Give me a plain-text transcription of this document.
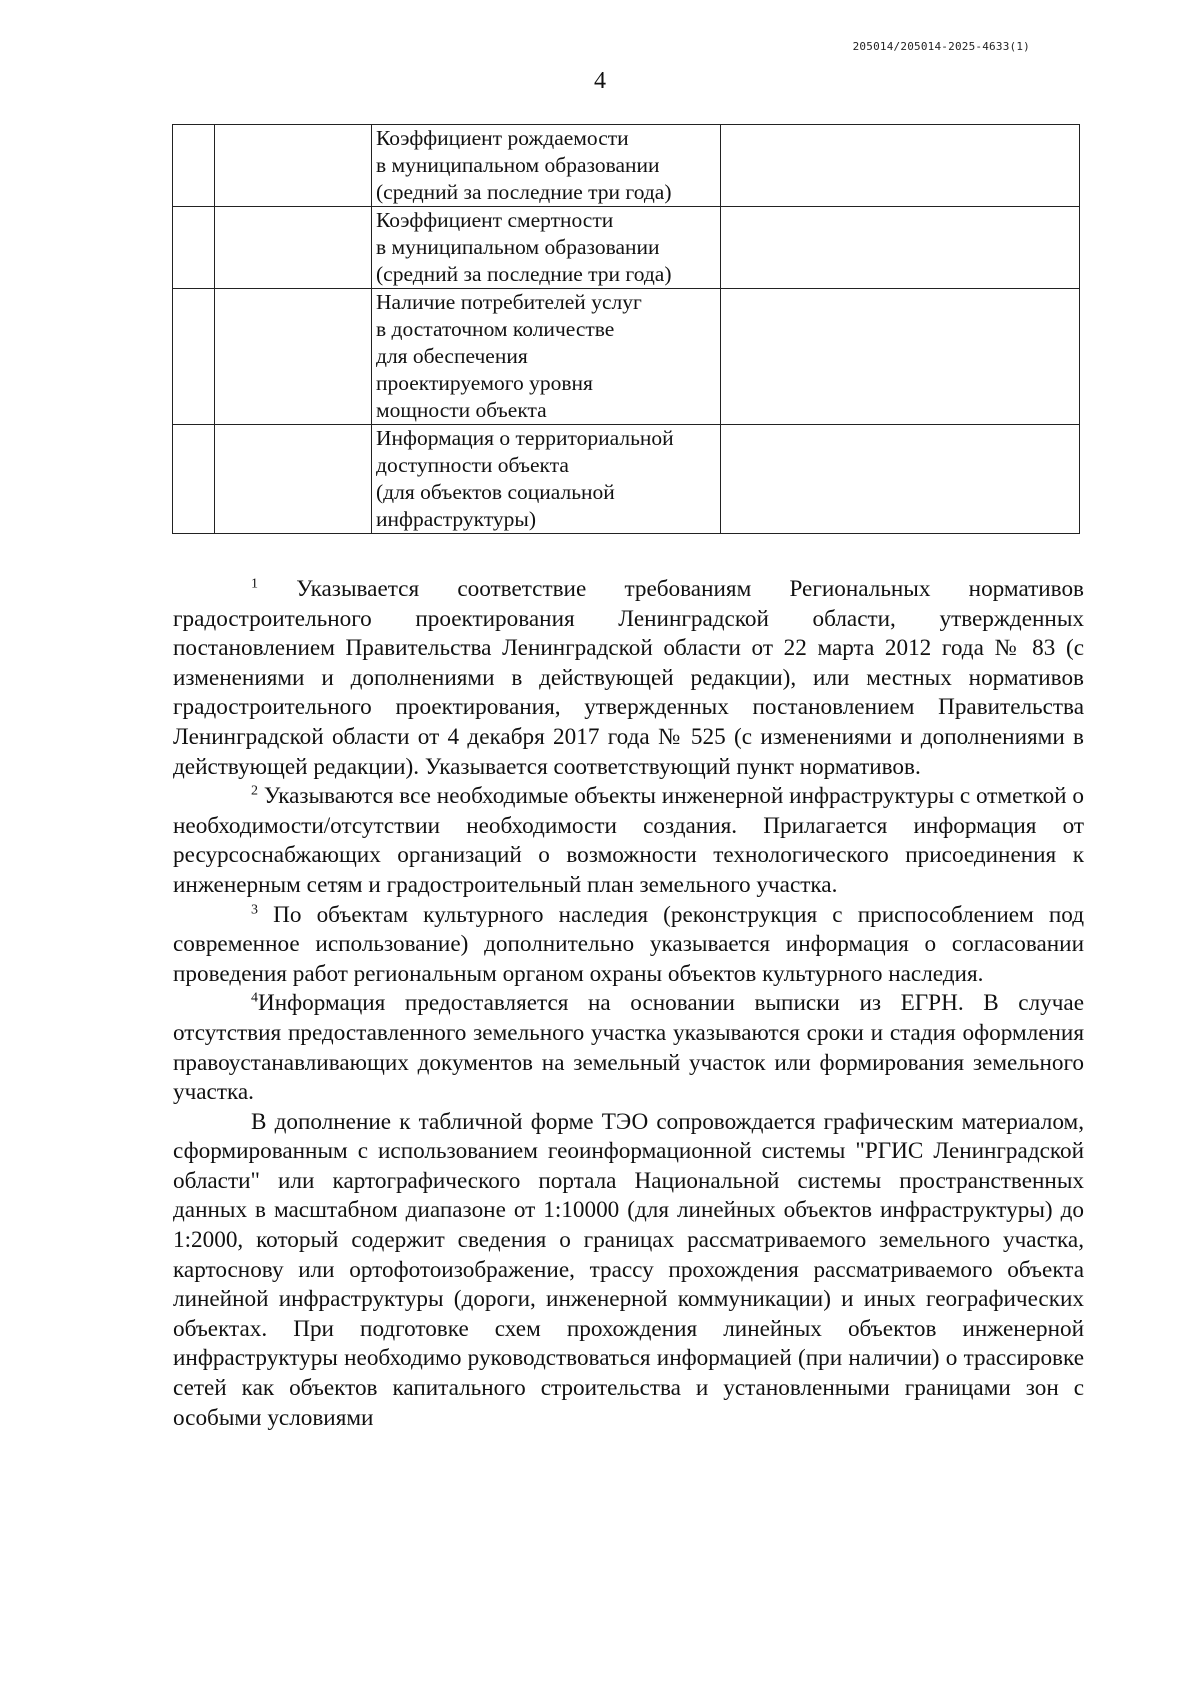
205014/205014-2025-4633(1)
4

		Коэффициент рождаемости
в муниципальном образовании
(средний за последние три года)	

		Коэффициент смертности
в муниципальном образовании
(средний за последние три года)	

		Наличие потребителей услуг
в достаточном количестве
для обеспечения
проектируемого уровня
мощности объекта	

		Информация о территориальной
доступности объекта
(для объектов социальной
инфраструктуры)	

$^1$ Указывается соответствие требованиям Региональных нормативов градостроительного проектирования Ленинградской области, утвержденных постановлением Правительства Ленинградской области от 22 марта 2012 года № 83 (с изменениями и дополнениями в действующей редакции), или местных нормативов градостроительного проектирования, утвержденных постановлением Правительства Ленинградской области от 4 декабря 2017 года № 525 (с изменениями и дополнениями в действующей редакции). Указывается соответствующий пункт нормативов.

$^2$ Указываются все необходимые объекты инженерной инфраструктуры с отметкой о необходимости/отсутствии необходимости создания. Прилагается информация от ресурсоснабжающих организаций о возможности технологического присоединения к инженерным сетям и градостроительный план земельного участка.

$^3$ По объектам культурного наследия (реконструкция с приспособлением под современное использование) дополнительно указывается информация о согласовании проведения работ региональным органом охраны объектов культурного наследия.

$^4$Информация предоставляется на основании выписки из ЕГРН. В случае отсутствия предоставленного земельного участка указываются сроки и стадия оформления правоустанавливающих документов на земельный участок или формирования земельного участка.

В дополнение к табличной форме ТЭО сопровождается графическим материалом, сформированным с использованием геоинформационной системы "РГИС Ленинградской области" или картографического портала Национальной системы пространственных данных в масштабном диапазоне от 1:10000 (для линейных объектов инфраструктуры) до 1:2000, который содержит сведения о границах рассматриваемого земельного участка, картоснову или ортофотоизображение, трассу прохождения рассматриваемого объекта линейной инфраструктуры (дороги, инженерной коммуникации) и иных географических объектах. При подготовке схем прохождения линейных объектов инженерной инфраструктуры необходимо руководствоваться информацией (при наличии) о трассировке сетей как объектов капитального строительства и установленными границами зон с особыми условиями
